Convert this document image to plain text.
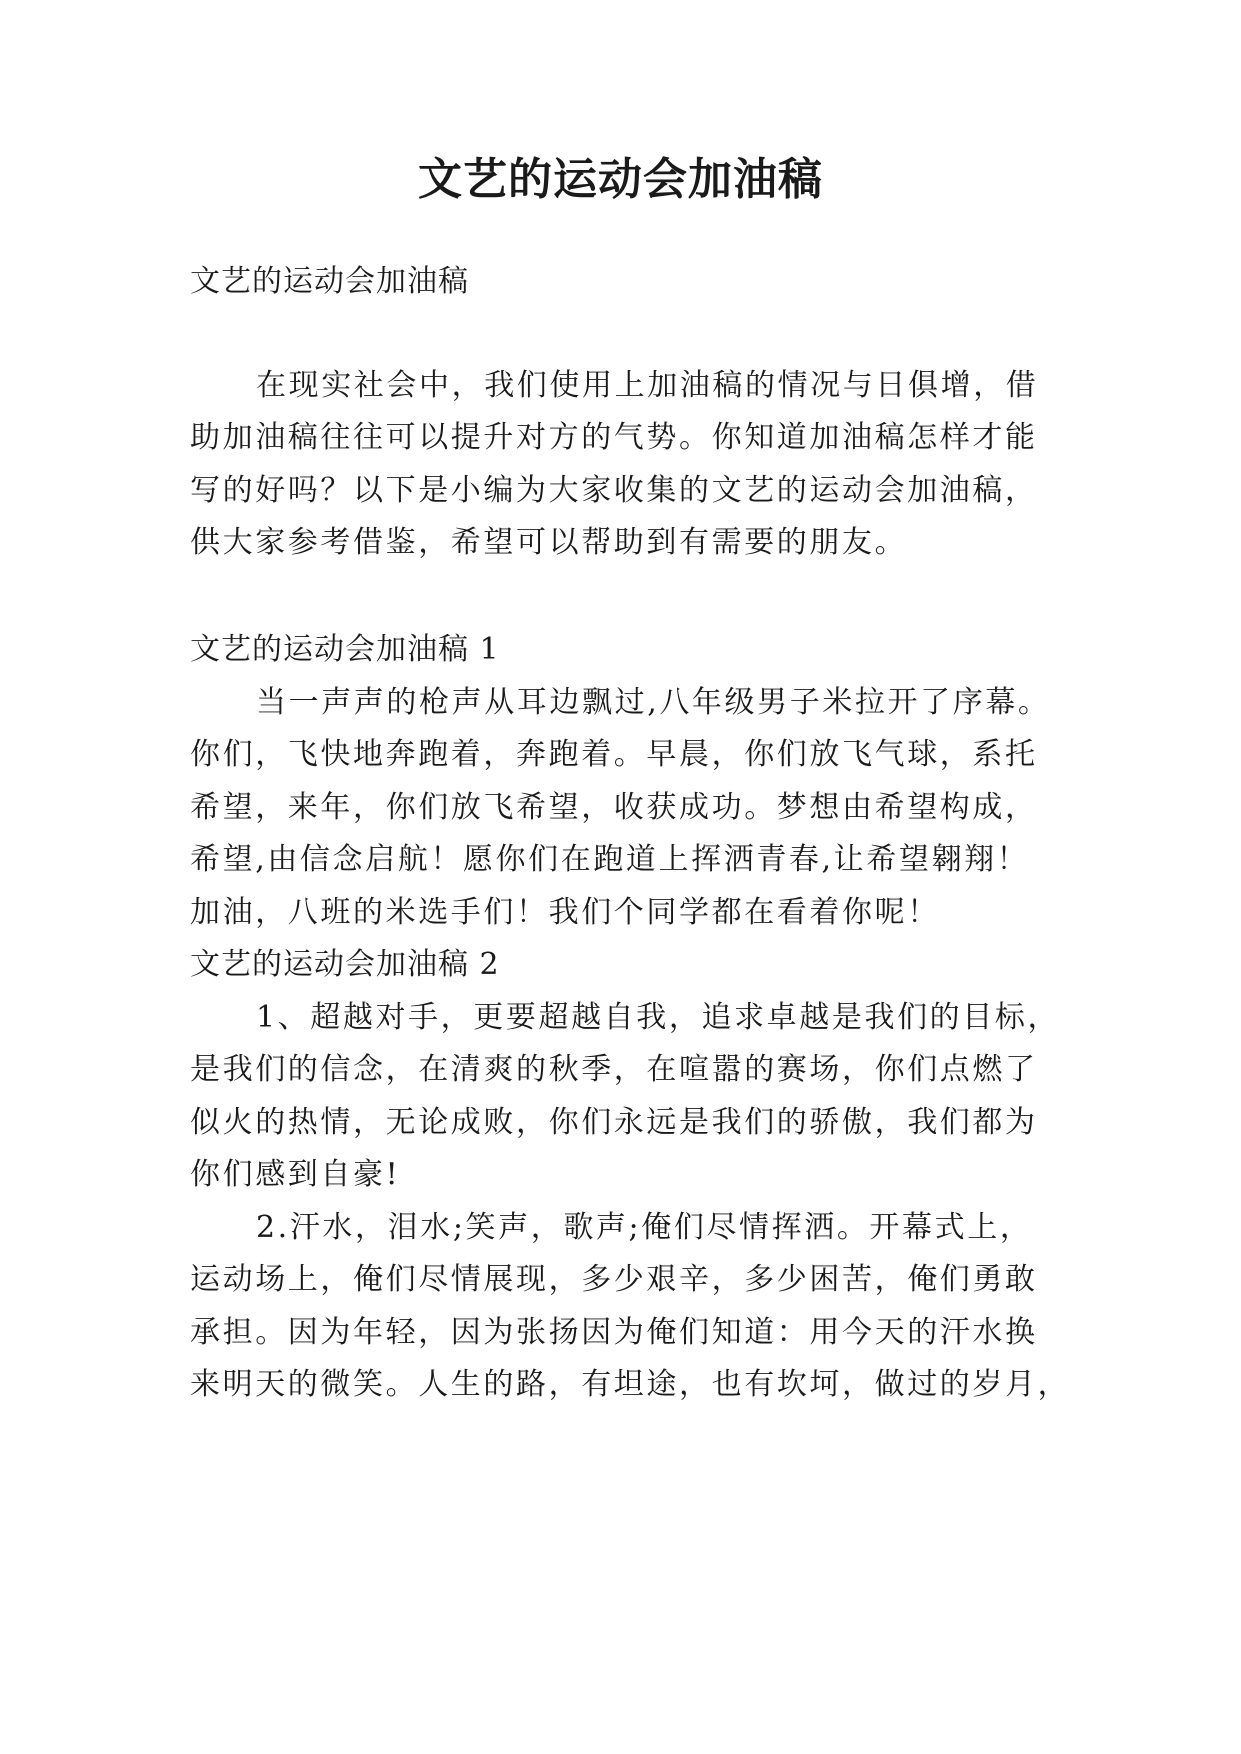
文艺的运动会加油稿

文艺的运动会加油稿

在现实社会中，我们使用上加油稿的情况与日俱增，借

助加油稿往往可以提升对方的气势。你知道加油稿怎样才能

写的好吗？以下是小编为大家收集的文艺的运动会加油稿，

供大家参考借鉴，希望可以帮助到有需要的朋友。

文艺的运动会加油稿 1

当一声声的枪声从耳边飘过,八年级男子米拉开了序幕。

你们，飞快地奔跑着，奔跑着。早晨，你们放飞气球，系托

希望，来年，你们放飞希望，收获成功。梦想由希望构成，

希望,由信念启航！愿你们在跑道上挥洒青春,让希望翱翔！

加油，八班的米选手们！我们个同学都在看着你呢！

文艺的运动会加油稿 2

1、超越对手，更要超越自我，追求卓越是我们的目标，

是我们的信念，在清爽的秋季，在喧嚣的赛场，你们点燃了

似火的热情，无论成败，你们永远是我们的骄傲，我们都为

你们感到自豪!

2.汗水，泪水;笑声，歌声;俺们尽情挥洒。开幕式上，

运动场上，俺们尽情展现，多少艰辛，多少困苦，俺们勇敢

承担。因为年轻，因为张扬因为俺们知道：用今天的汗水换

来明天的微笑。人生的路，有坦途，也有坎坷，做过的岁月，
